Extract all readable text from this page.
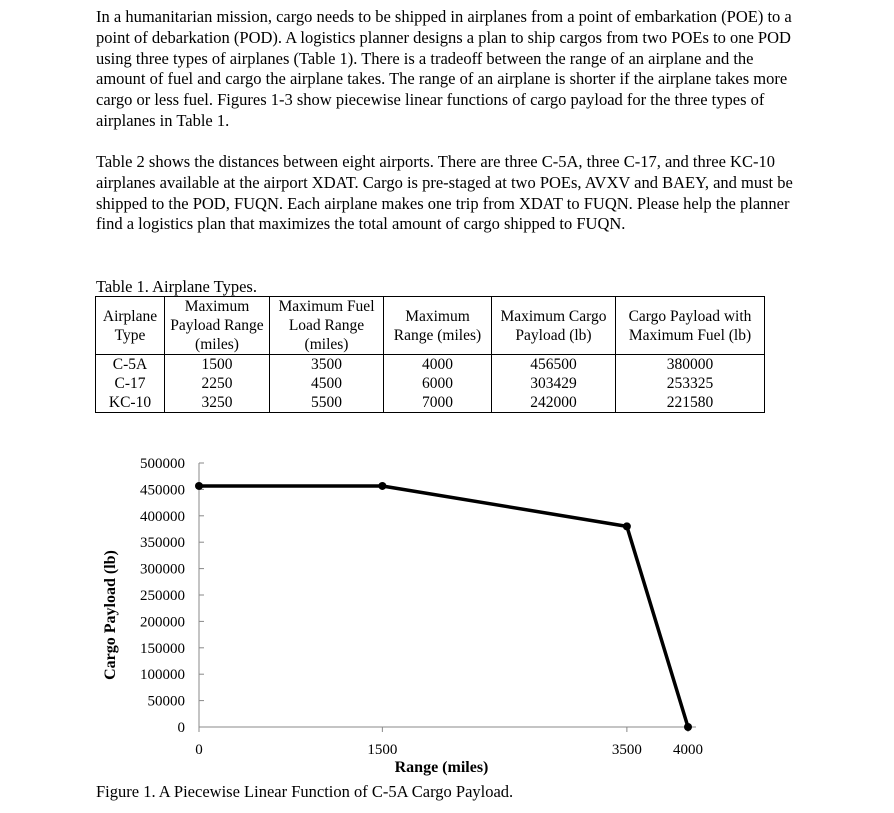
In a humanitarian mission, cargo needs to be shipped in airplanes from a point of embarkation (POE) to a point of debarkation (POD). A logistics planner designs a plan to ship cargos from two POEs to one POD using three types of airplanes (Table 1). There is a tradeoff between the range of an airplane and the amount of fuel and cargo the airplane takes. The range of an airplane is shorter if the airplane takes more cargo or less fuel. Figures 1-3 show piecewise linear functions of cargo payload for the three types of airplanes in Table 1.

Table 2 shows the distances between eight airports. There are three C-5A, three C-17, and three KC-10 airplanes available at the airport XDAT. Cargo is pre-staged at two POEs, AVXV and BAEY, and must be shipped to the POD, FUQN. Each airplane makes one trip from XDAT to FUQN. Please help the planner find a logistics plan that maximizes the total amount of cargo shipped to FUQN.

Table 1. Airplane Types.
Airplane Type	Maximum Payload Range (miles)	Maximum Fuel Load Range (miles)	Maximum Range (miles)	Maximum Cargo Payload (lb)	Cargo Payload with Maximum Fuel (lb)
C-5A	1500	3500	4000	456500	380000
C-17	2250	4500	6000	303429	253325
KC-10	3250	5500	7000	242000	221580
0
50000
100000
150000
200000
250000
300000
350000
400000
450000
500000
0	1500	3500 4000
Range (miles)
Cargo Payload (lb)
Figure 1. A Piecewise Linear Function of C-5A Cargo Payload.
